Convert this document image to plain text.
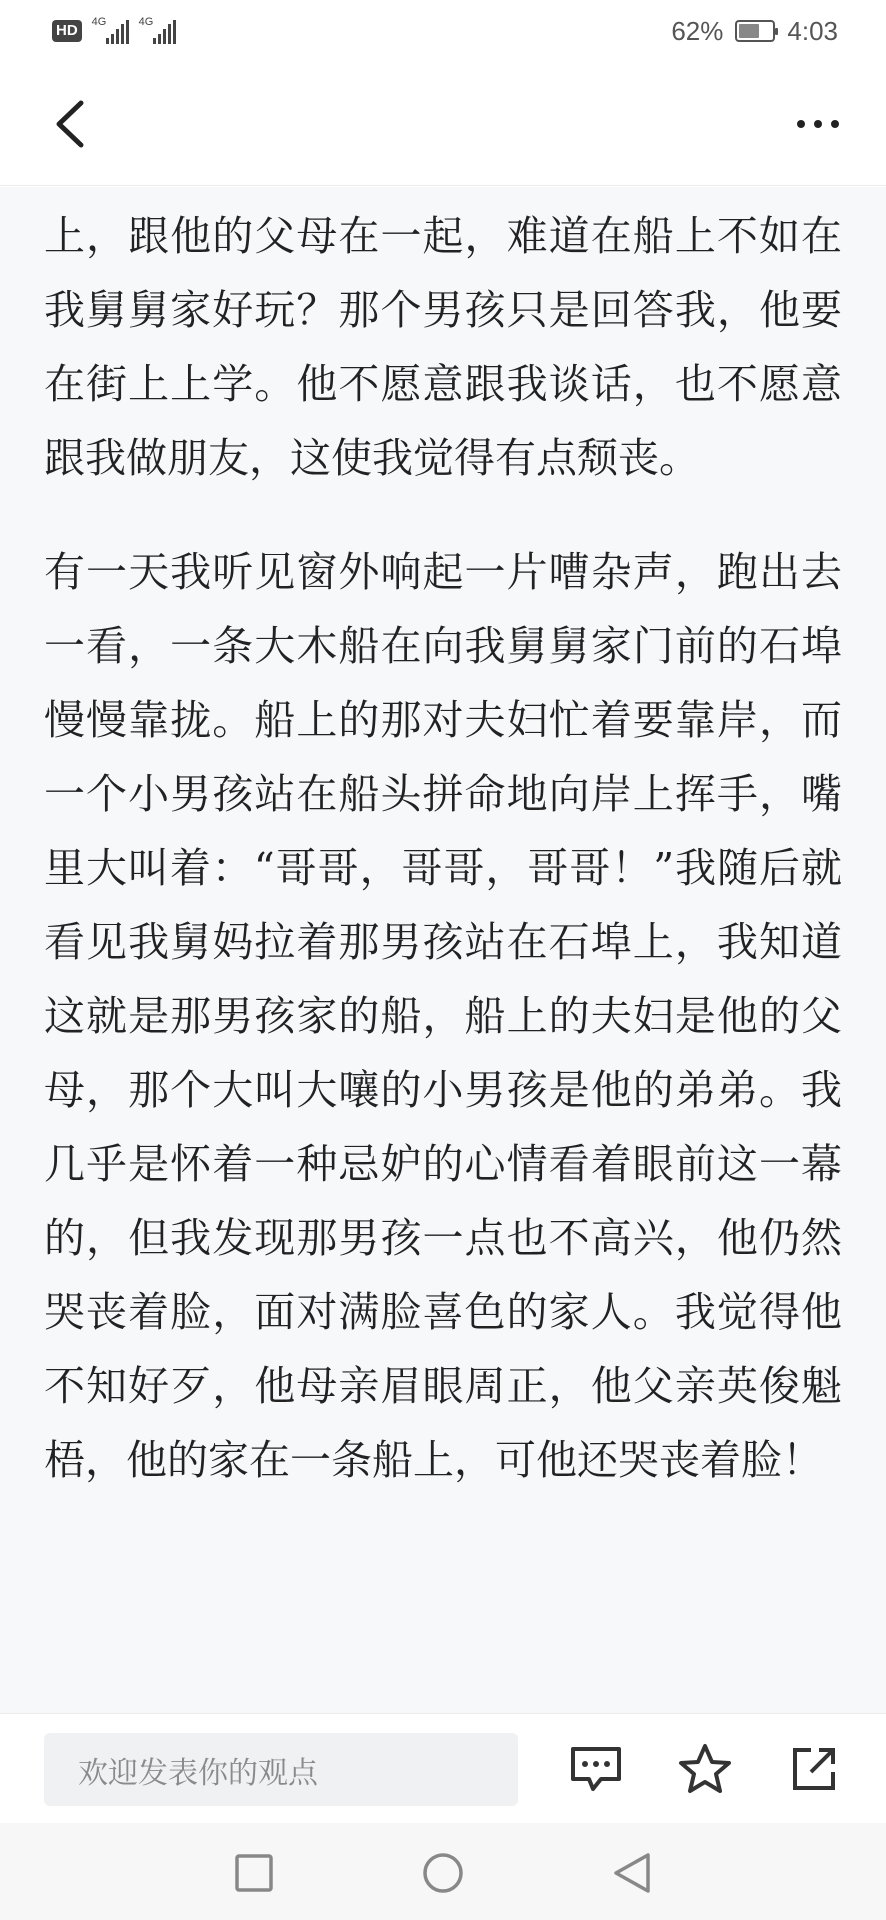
HD	4G	4G	62% 4:03

上，跟他的父母在一起，难道在船上不如在我舅舅家好玩？那个男孩只是回答我，他要在街上上学。他不愿意跟我谈话，也不愿意跟我做朋友，这使我觉得有点颓丧。

有一天我听见窗外响起一片嘈杂声，跑出去一看，一条大木船在向我舅舅家门前的石埠慢慢靠拢。船上的那对夫妇忙着要靠岸，而一个小男孩站在船头拼命地向岸上挥手，嘴里大叫着：“哥哥，哥哥，哥哥！”我随后就看见我舅妈拉着那男孩站在石埠上，我知道这就是那男孩家的船，船上的夫妇是他的父母，那个大叫大嚷的小男孩是他的弟弟。我几乎是怀着一种忌妒的心情看着眼前这一幕的，但我发现那男孩一点也不高兴，他仍然哭丧着脸，面对满脸喜色的家人。我觉得他不知好歹，他母亲眉眼周正，他父亲英俊魁梧，他的家在一条船上，可他还哭丧着脸！

欢迎发表你的观点
